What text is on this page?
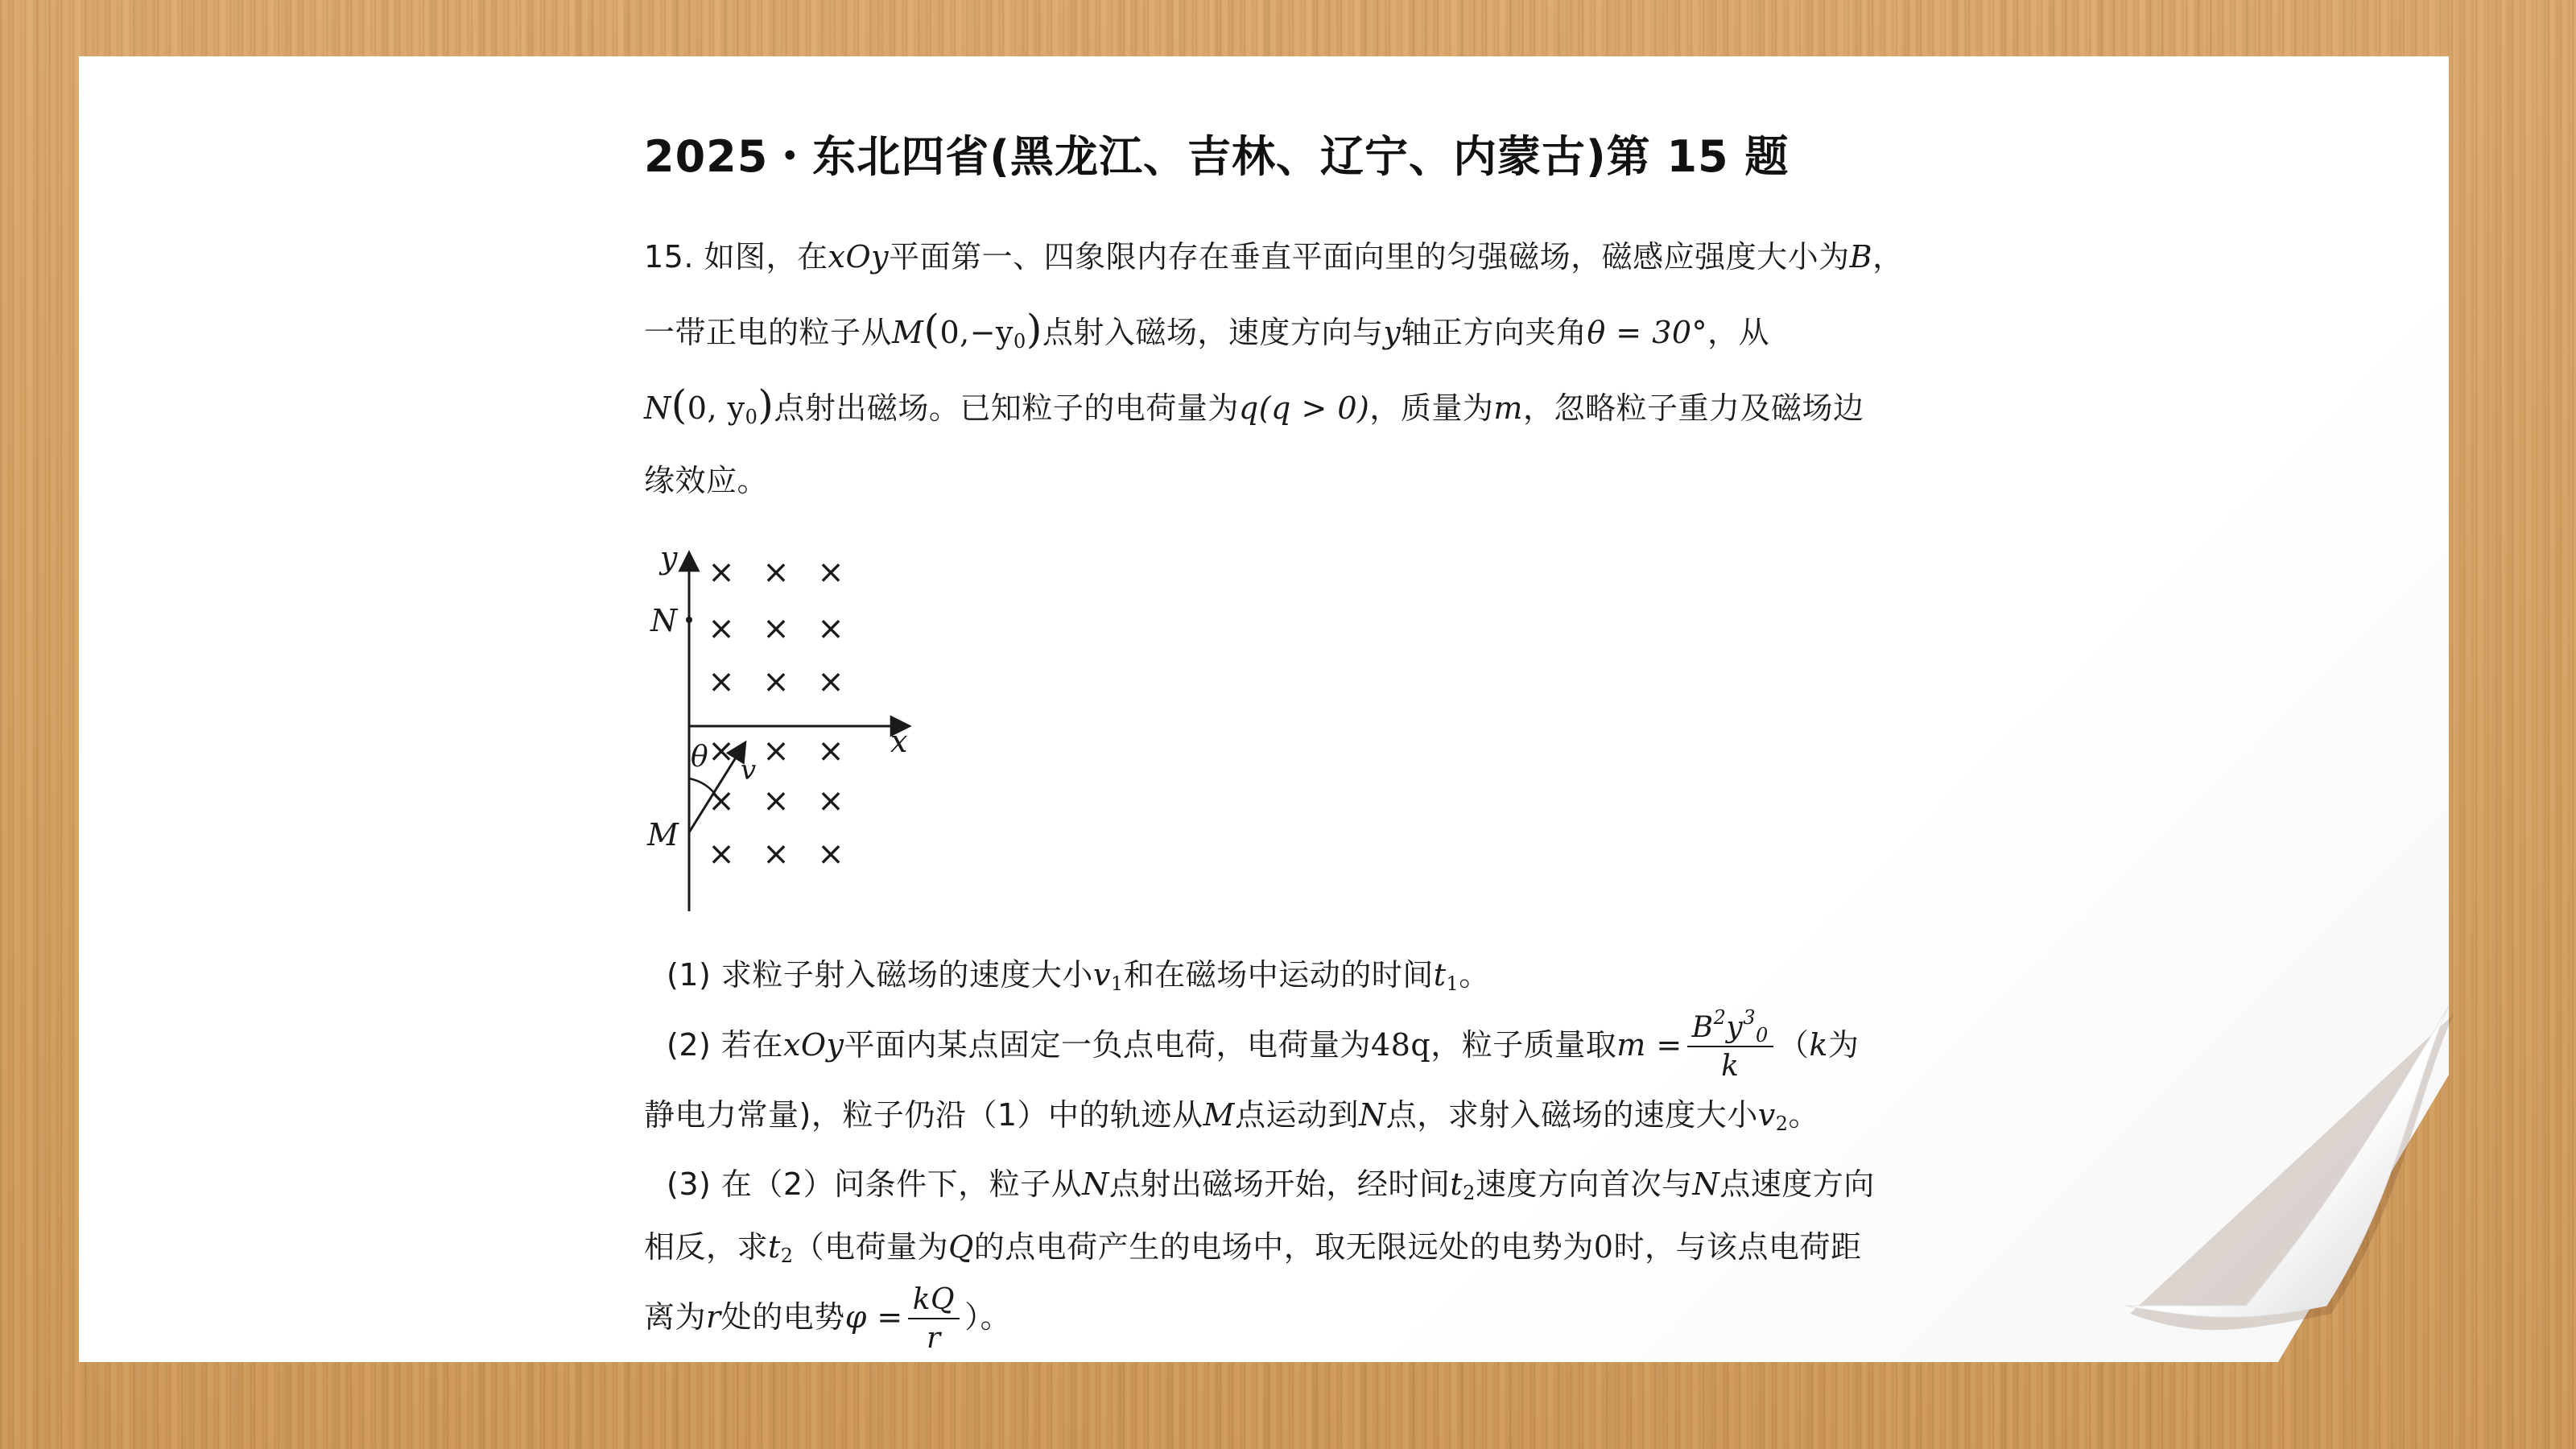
2025・东北四省(黑龙江、吉林、辽宁、内蒙古)第 15 题

15. 如图，在xOy平面第一、四象限内存在垂直平面向里的匀强磁场，磁感应强度大小为B，
一带正电的粒子从$M(0,-y_0)$点射入磁场，速度方向与y轴正方向夹角θ = 30°，从
N(0, $y_0$)点射出磁场。已知粒子的电荷量为q(q > 0)，质量为m，忽略粒子重力及磁场边
缘效应。

y
x
N
M
θ v
× × ×
× × ×
× × ×
× × ×
× × ×
× × ×

(1) 求粒子射入磁场的速度大小$v_1$和在磁场中运动的时间$t_1$。

(2) 若在xOy平面内某点固定一负点电荷，电荷量为48q，粒子质量取$m = \frac{B^2y^3_0}{k} (k$为

静电力常量)，粒子仍沿（1）中的轨迹从M点运动到N点，求射入磁场的速度大小$v_2$。

(3) 在（2）问条件下，粒子从N点射出磁场开始，经时间$t_2$速度方向首次与N点速度方向

相反，求$t_2$（电荷量为Q的点电荷产生的电场中，取无限远处的电势为0时，与该点电荷距

离为r处的电势$\varphi = \frac{kQ}{r}$ ）。
